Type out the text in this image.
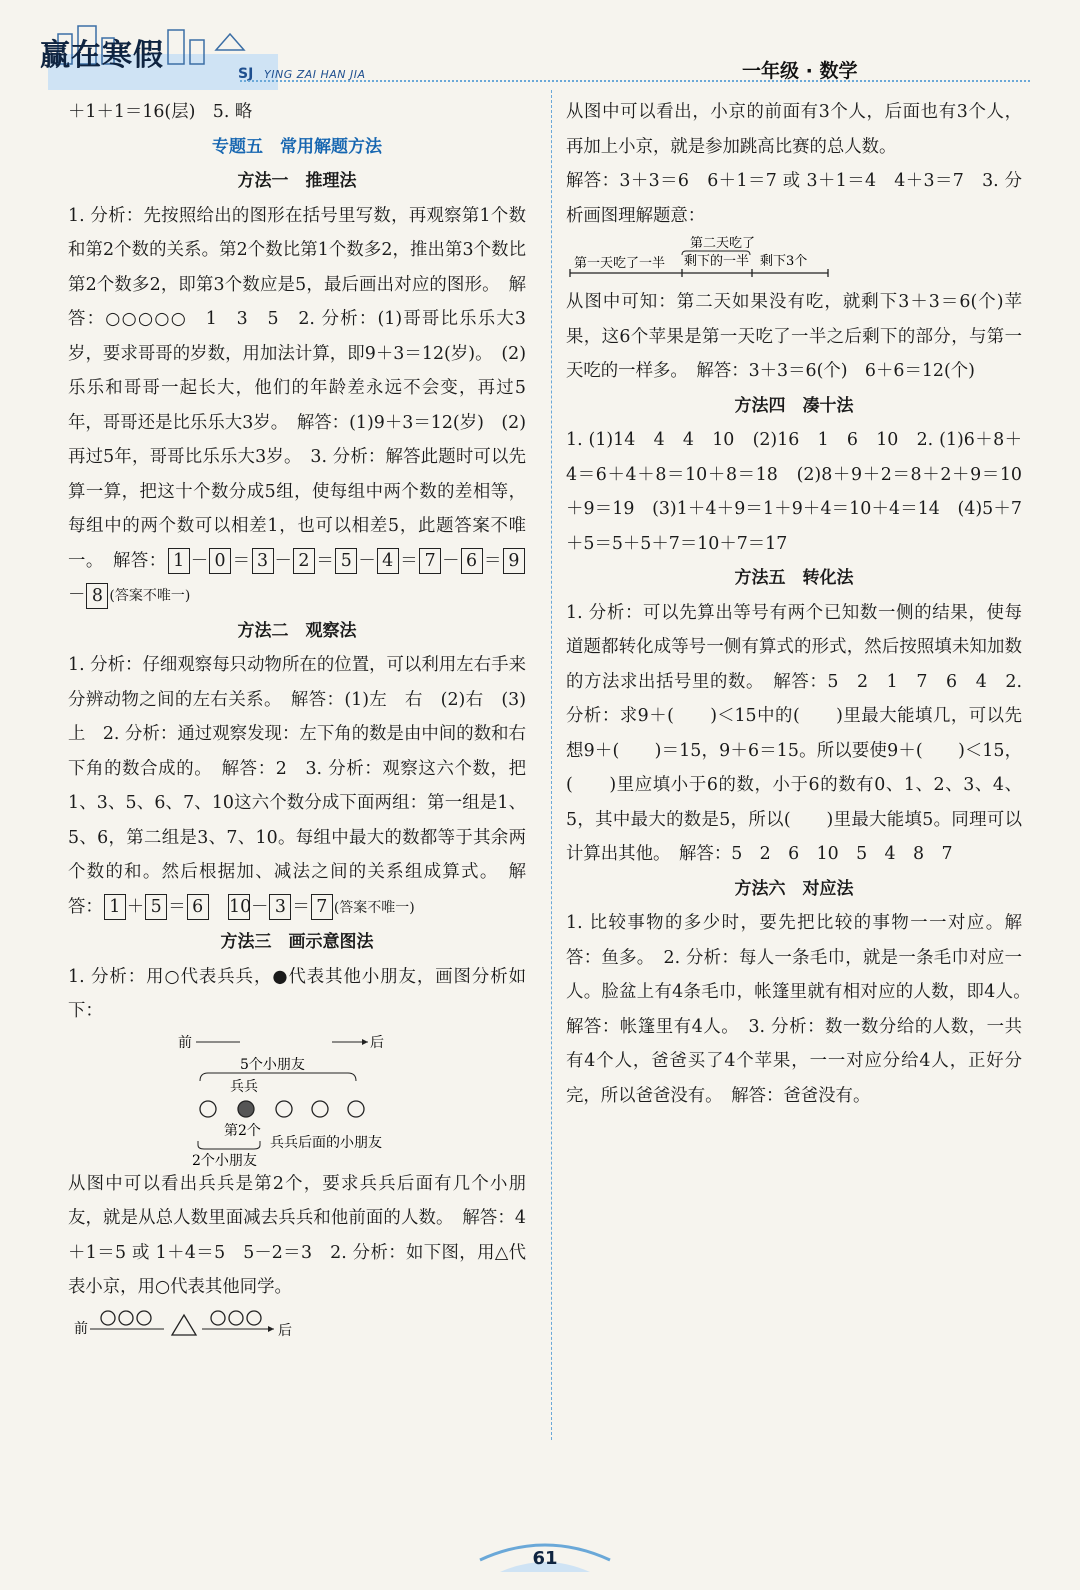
赢在寒假
SJ YING ZAI HAN JIA	一年级 · 数学

＋1＋1＝16(层)　5. 略

专题五　常用解题方法
方法一　推理法

1. 分析：先按照给出的图形在括号里写数，再观察第1个数和第2个数的关系。第2个数比第1个数多2，推出第3个数比第2个数多2，即第3个数应是5，最后画出对应的图形。　解答：○○○○○　1　3　5　2. 分析：(1)哥哥比乐乐大3岁，要求哥哥的岁数，用加法计算，即9＋3＝12(岁)。　(2)乐乐和哥哥一起长大，他们的年龄差永远不会变，再过5年，哥哥还是比乐乐大3岁。　解答：(1)9＋3＝12(岁)　(2)再过5年，哥哥比乐乐大3岁。　3. 分析：解答此题时可以先算一算，把这十个数分成5组，使每组中两个数的差相等，每组中的两个数可以相差1，也可以相差5，此题答案不唯一。　解答： 1 － 0 ＝ 3 － 2 ＝ 5 － 4 ＝ 7 － 6 ＝ 9－ 8 (答案不唯一)

方法二　观察法

1. 分析：仔细观察每只动物所在的位置，可以利用左右手来分辨动物之间的左右关系。　解答：(1)左　右　(2)右　(3)上　2. 分析：通过观察发现：左下角的数是由中间的数和右下角的数合成的。　解答：2　3. 分析：观察这六个数，把1、3、5、6、7、10这六个数分成下面两组：第一组是1、5、6，第二组是3、7、10。每组中最大的数都等于其余两个数的和。然后根据加、减法之间的关系组成算式。　解答： 1 ＋ 5 ＝ 6　 10－ 3 ＝ 7 (答案不唯一)

方法三　画示意图法

1. 分析：用○代表兵兵，●代表其他小朋友，画图分析如下：

前	后
5个小朋友
兵兵
第2个
兵兵后面的小朋友
2个小朋友

从图中可以看出兵兵是第2个，要求兵兵后面有几个小朋友，就是从总人数里面减去兵兵和他前面的人数。　解答：4＋1＝5 或 1＋4＝5　5－2＝3　2. 分析：如下图，用△代表小京，用○代表其他同学。

前	后

从图中可以看出，小京的前面有3个人，后面也有3个人，再加上小京，就是参加跳高比赛的总人数。

解答：3＋3＝6　6＋1＝7 或 3＋1＝4　4＋3＝7　3. 分析画图理解题意：

第二天吃了
第一天吃了一半 剩下的一半 剩下3个

从图中可知：第二天如果没有吃，就剩下3＋3＝6(个)苹果，这6个苹果是第一天吃了一半之后剩下的部分，与第一天吃的一样多。　解答：3＋3＝6(个)　6＋6＝12(个)

方法四　凑十法

1. (1)14　4　4　10　(2)16　1　6　10　2. (1)6＋8＋4＝6＋4＋8＝10＋8＝18　(2)8＋9＋2＝8＋2＋9＝10＋9＝19　(3)1＋4＋9＝1＋9＋4＝10＋4＝14　(4)5＋7＋5＝5＋5＋7＝10＋7＝17

方法五　转化法

1. 分析：可以先算出等号有两个已知数一侧的结果，使每道题都转化成等号一侧有算式的形式，然后按照填未知加数的方法求出括号里的数。　解答：5　2　1　7　6　4　2. 分析：求9＋(　　)＜15中的(　　)里最大能填几，可以先想9＋(　　)＝15，9＋6＝15。所以要使9＋(　　)＜15，(　　)里应填小于6的数，小于6的数有0、1、2、3、4、5，其中最大的数是5，所以(　　)里最大能填5。同理可以计算出其他。　解答：5　2　6　10　5　4　8　7

方法六　对应法

1. 比较事物的多少时，要先把比较的事物一一对应。解答：鱼多。　2. 分析：每人一条毛巾，就是一条毛巾对应一人。脸盆上有4条毛巾，帐篷里就有相对应的人数，即4人。　解答：帐篷里有4人。　3. 分析：数一数分给的人数，一共有4个人，爸爸买了4个苹果，一一对应分给4人，正好分完，所以爸爸没有。　解答：爸爸没有。

61
